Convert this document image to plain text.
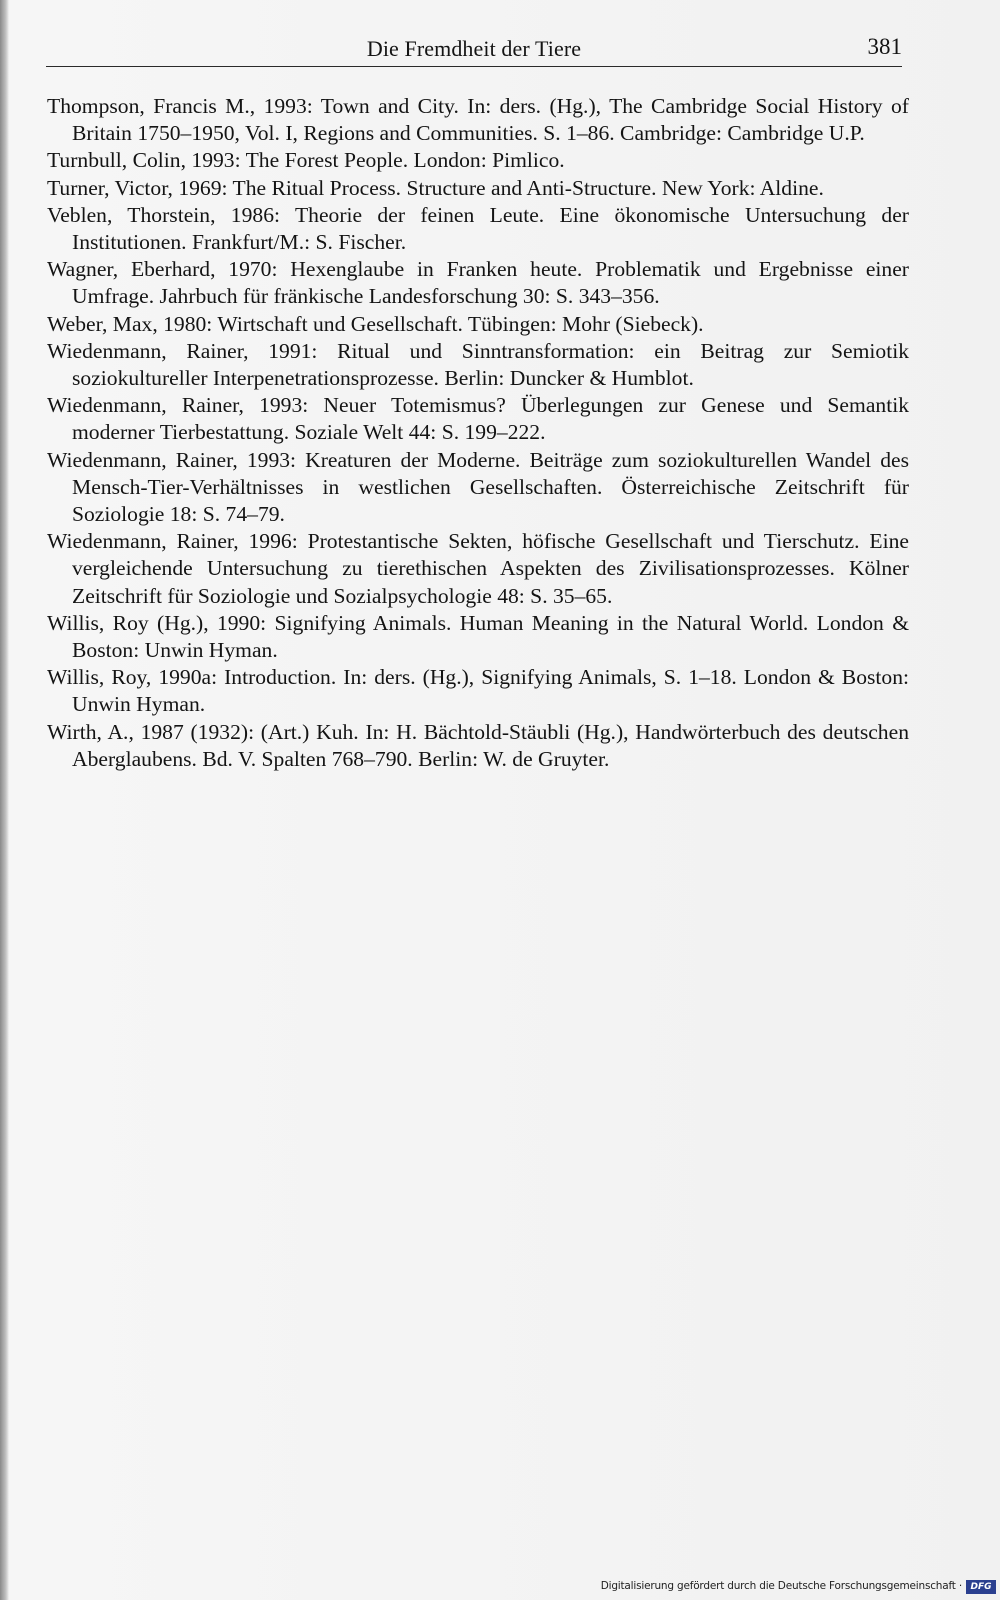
Die Fremdheit der Tiere	381
Thompson, Francis M., 1993: Town and City. In: ders. (Hg.), The Cambridge Social History of Britain 1750–1950, Vol. I, Regions and Communities. S. 1–86. Cambridge: Cambridge U.P.
Turnbull, Colin, 1993: The Forest People. London: Pimlico.
Turner, Victor, 1969: The Ritual Process. Structure and Anti-Structure. New York: Aldine.
Veblen, Thorstein, 1986: Theorie der feinen Leute. Eine ökonomische Untersuchung der Institutionen. Frankfurt/M.: S. Fischer.
Wagner, Eberhard, 1970: Hexenglaube in Franken heute. Problematik und Ergebnisse einer Umfrage. Jahrbuch für fränkische Landesforschung 30: S. 343–356.
Weber, Max, 1980: Wirtschaft und Gesellschaft. Tübingen: Mohr (Siebeck).
Wiedenmann, Rainer, 1991: Ritual und Sinntransformation: ein Beitrag zur Semiotik soziokultureller Interpenetrationsprozesse. Berlin: Duncker & Humblot.
Wiedenmann, Rainer, 1993: Neuer Totemismus? Überlegungen zur Genese und Semantik moderner Tierbestattung. Soziale Welt 44: S. 199–222.
Wiedenmann, Rainer, 1993: Kreaturen der Moderne. Beiträge zum soziokulturellen Wandel des Mensch-Tier-Verhältnisses in westlichen Gesellschaften. Österreichische Zeitschrift für Soziologie 18: S. 74–79.
Wiedenmann, Rainer, 1996: Protestantische Sekten, höfische Gesellschaft und Tierschutz. Eine vergleichende Untersuchung zu tierethischen Aspekten des Zivilisationsprozesses. Kölner Zeitschrift für Soziologie und Sozialpsychologie 48: S. 35–65.
Willis, Roy (Hg.), 1990: Signifying Animals. Human Meaning in the Natural World. London & Boston: Unwin Hyman.
Willis, Roy, 1990a: Introduction. In: ders. (Hg.), Signifying Animals, S. 1–18. London & Boston: Unwin Hyman.
Wirth, A., 1987 (1932): (Art.) Kuh. In: H. Bächtold-Stäubli (Hg.), Handwörterbuch des deutschen Aberglaubens. Bd. V. Spalten 768–790. Berlin: W. de Gruyter.
Digitalisierung gefördert durch die Deutsche Forschungsgemeinschaft · DFG
